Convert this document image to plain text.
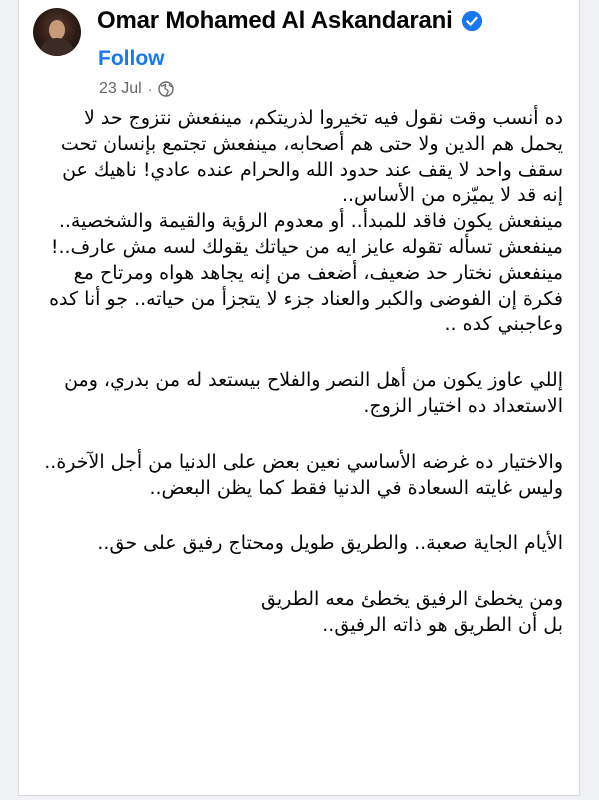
Omar Mohamed Al Askandarani
Follow
23 Jul ·

ده أنسب وقت نقول فيه تخيروا لذريتكم، مينفعش نتزوج حد لا يحمل هم الدين ولا حتى هم أصحابه، مينفعش تجتمع بإنسان تحت سقف واحد لا يقف عند حدود الله والحرام عنده عادي! ناهيك عن إنه قد لا يميّزه من الأساس..

مينفعش يكون فاقد للمبدأ.. أو معدوم الرؤية والقيمة والشخصية..

مينفعش تسأله تقوله عايز ايه من حياتك يقولك لسه مش عارف..!

مينفعش نختار حد ضعيف، أضعف من إنه يجاهد هواه ومرتاح مع فكرة إن الفوضى والكبر والعناد جزء لا يتجزأ من حياته.. جو أنا كده وعاجبني كده ..

إللي عاوز يكون من أهل النصر والفلاح بيستعد له من بدري، ومن الاستعداد ده اختيار الزوج.

والاختيار ده غرضه الأساسي نعين بعض على الدنيا من أجل الآخرة..

وليس غايته السعادة في الدنيا فقط كما يظن البعض..

الأيام الجاية صعبة.. والطريق طويل ومحتاج رفيق على حق..

ومن يخطئ الرفيق يخطئ معه الطريق

بل أن الطريق هو ذاته الرفيق..
